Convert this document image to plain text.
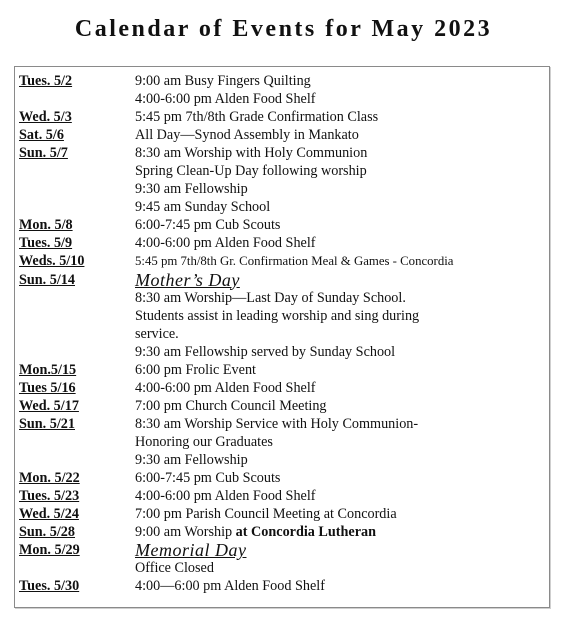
Calendar of Events for May 2023
Tues. 5/2	9:00 am Busy Fingers Quilting
4:00-6:00 pm Alden Food Shelf
Wed. 5/3	5:45 pm 7th/8th Grade Confirmation Class
Sat. 5/6	All Day—Synod Assembly in Mankato
Sun. 5/7	8:30 am Worship with Holy Communion
Spring Clean-Up Day following worship
9:30 am Fellowship
9:45 am Sunday School
Mon. 5/8	6:00-7:45 pm Cub Scouts
Tues. 5/9	4:00-6:00 pm Alden Food Shelf
Weds. 5/10	5:45 pm 7th/8th Gr. Confirmation Meal & Games - Concordia
Sun. 5/14	Mother’s Day
8:30 am Worship—Last Day of Sunday School.
Students assist in leading worship and sing during
service.
9:30 am Fellowship served by Sunday School
Mon.5/15	6:00 pm Frolic Event
Tues 5/16	4:00-6:00 pm Alden Food Shelf
Wed. 5/17	7:00 pm Church Council Meeting
Sun. 5/21	8:30 am Worship Service with Holy Communion-
Honoring our Graduates
9:30 am Fellowship
Mon. 5/22	6:00-7:45 pm Cub Scouts
Tues. 5/23	4:00-6:00 pm Alden Food Shelf
Wed. 5/24	7:00 pm Parish Council Meeting at Concordia
Sun. 5/28	9:00 am Worship at Concordia Lutheran
Mon. 5/29	Memorial Day
Office Closed
Tues. 5/30	4:00—6:00 pm Alden Food Shelf
